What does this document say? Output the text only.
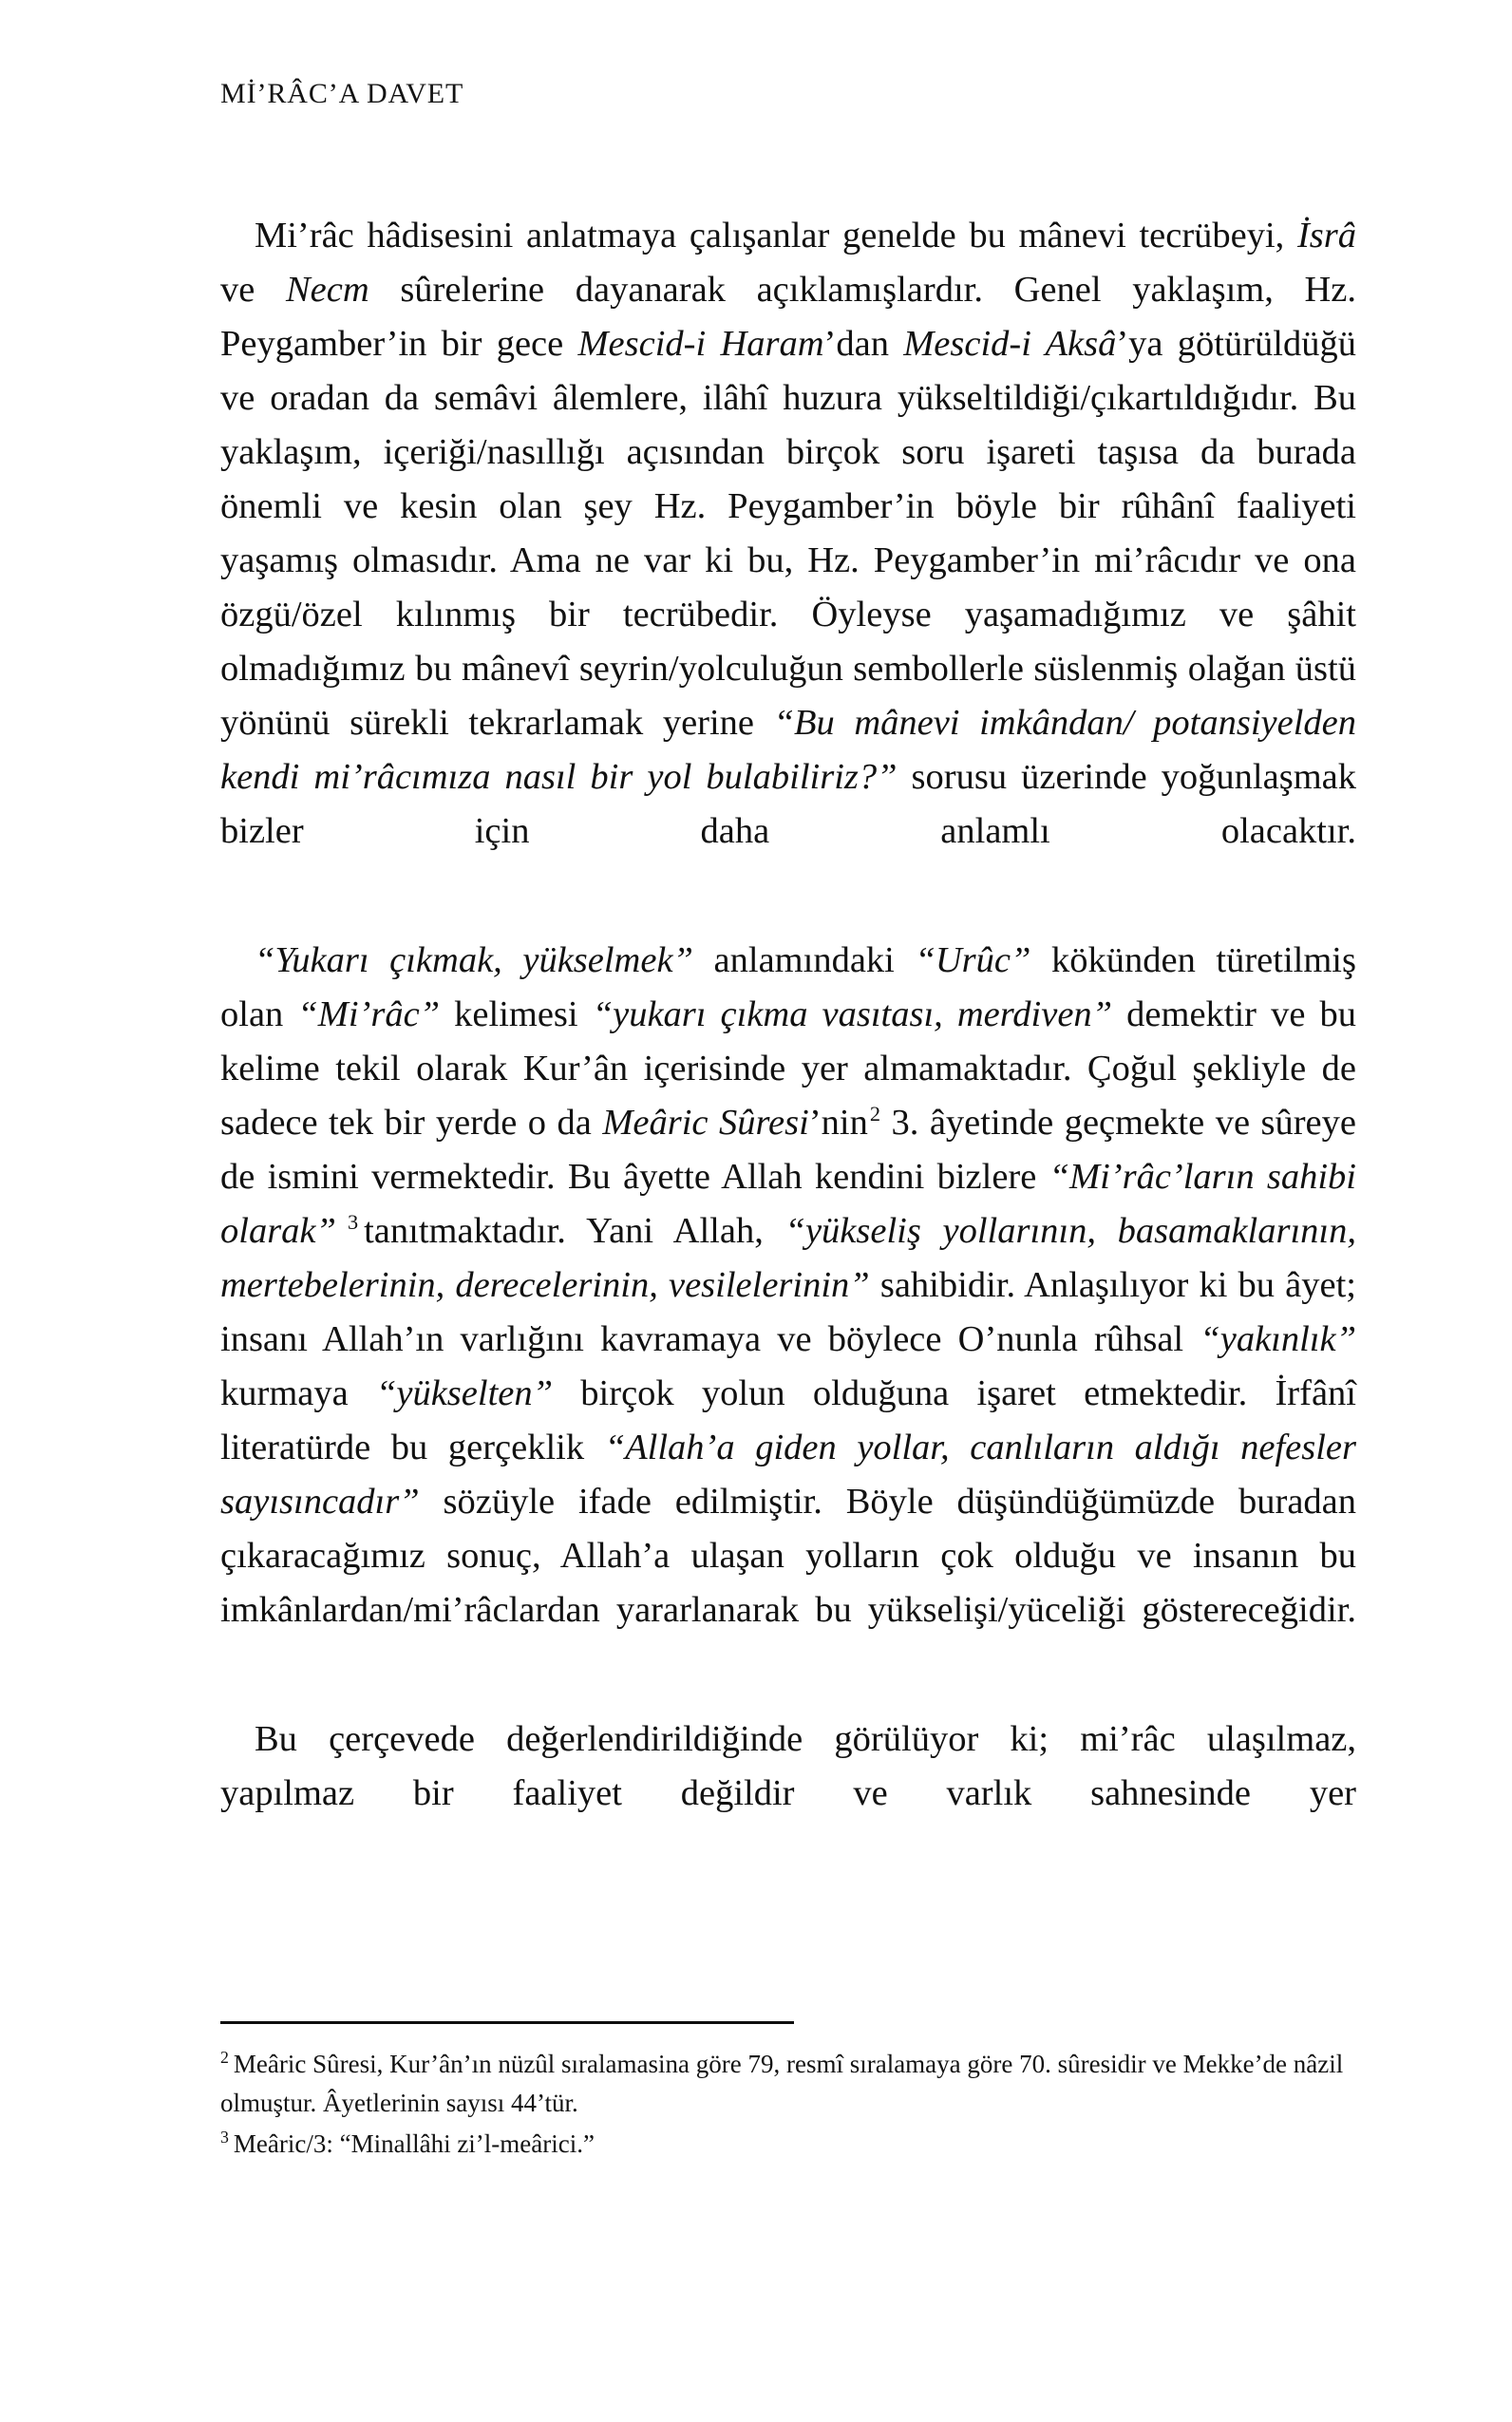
Mİ’RÂC’A DAVET

Mi’râc hâdisesini anlatmaya çalışanlar genelde bu mânevi tecrübeyi, İsrâ ve Necm sûrelerine dayanarak açıklamışlardır. Genel yaklaşım, Hz. Peygamber’in bir gece Mescid-i Haram’dan Mescid-i Aksâ’ya götürüldüğü ve oradan da semâvi âlemlere, ilâhî huzura yükseltildiği/çıkartıldığıdır. Bu yaklaşım, içeriği/nasıllığı açısından birçok soru işareti taşısa da burada önemli ve kesin olan şey Hz. Peygamber’in böyle bir rûhânî faaliyeti yaşamış olmasıdır. Ama ne var ki bu, Hz. Peygamber’in mi’râcıdır ve ona özgü/özel kılınmış bir tecrübedir. Öyleyse yaşamadığımız ve şâhit olmadığımız bu mânevî seyrin/yolculuğun sembollerle süslenmiş olağan üstü yönünü sürekli tekrarlamak yerine “Bu mânevi imkândan/ potansiyelden kendi mi’râcımıza nasıl bir yol bulabiliriz?” sorusu üzerinde yoğunlaşmak bizler için daha anlamlı olacaktır.

“Yukarı çıkmak, yükselmek” anlamındaki “Urûc” kökünden türetilmiş olan “Mi’râc” kelimesi “yukarı çıkma vasıtası, merdiven” demektir ve bu kelime tekil olarak Kur’ân içerisinde yer almamaktadır. Çoğul şekliyle de sadece tek bir yerde o da Meâric Sûresi’nin$^2$ 3. âyetinde geçmekte ve sûreye de ismini vermektedir. Bu âyette Allah kendini bizlere “Mi’râc’ların sahibi olarak” $^3$ tanıtmaktadır. Yani Allah, “yükseliş yollarının, basamaklarının, mertebelerinin, derecelerinin, vesilelerinin” sahibidir. Anlaşılıyor ki bu âyet; insanı Allah’ın varlığını kavramaya ve böylece O’nunla rûhsal “yakınlık” kurmaya “yükselten” birçok yolun olduğuna işaret etmektedir. İrfânî literatürde bu gerçeklik “Allah’a giden yollar, canlıların aldığı nefesler sayısıncadır” sözüyle ifade edilmiştir. Böyle düşündüğümüzde buradan çıkaracağımız sonuç, Allah’a ulaşan yolların çok olduğu ve insanın bu imkânlardan/mi’râclardan yararlanarak bu yükselişi/yüceliği göstereceğidir.

Bu çerçevede değerlendirildiğinde görülüyor ki; mi’râc ulaşılmaz, yapılmaz bir faaliyet değildir ve varlık sahnesinde yer

$^2$ Meâric Sûresi, Kur’ân’ın nüzûl sıralamasina göre 79, resmî sıralamaya göre 70. sûresidir ve Mekke’de nâzil olmuştur. Âyetlerinin sayısı 44’tür.

$^3$ Meâric/3: “Minallâhi zi’l-meârici.”
